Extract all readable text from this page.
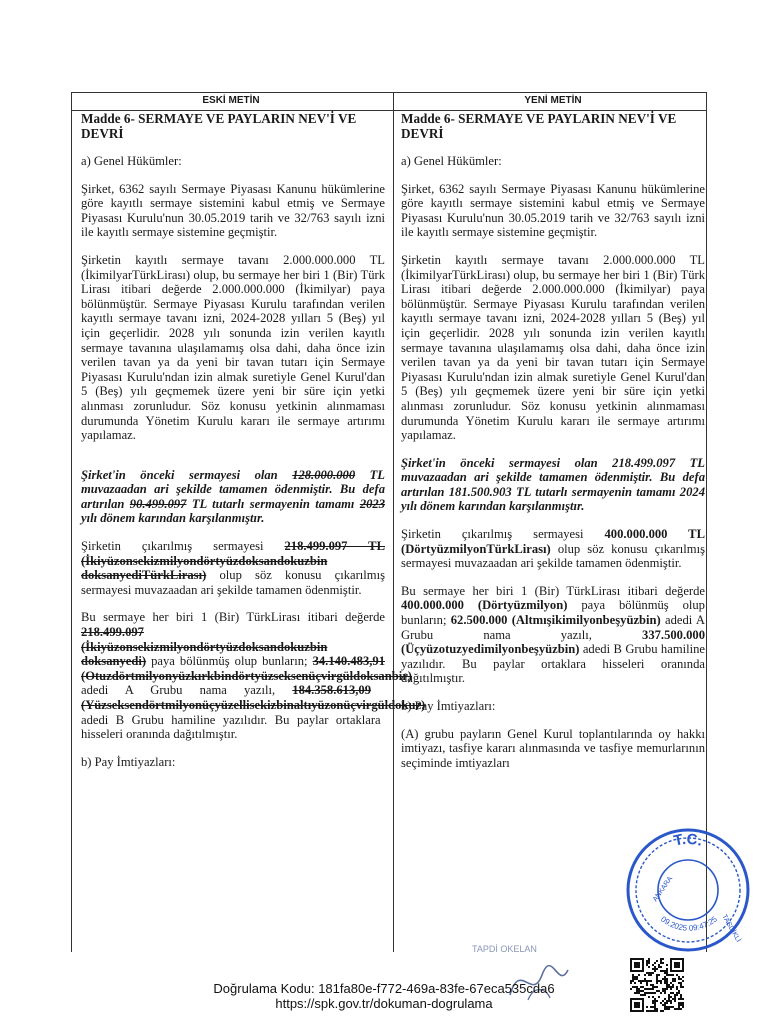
ESKİ METİN	YENİ METİN
Madde 6- SERMAYE VE PAYLARIN NEV'İ VE DEVRİ
a) Genel Hükümler:
Şirket, 6362 sayılı Sermaye Piyasası Kanunu hükümlerine göre kayıtlı sermaye sistemini kabul etmiş ve Sermaye Piyasası Kurulu'nun 30.05.2019 tarih ve 32/763 sayılı izni ile kayıtlı sermaye sistemine geçmiştir.
Şirketin kayıtlı sermaye tavanı 2.000.000.000 TL (İkimilyarTürkLirası) olup, bu sermaye her biri 1 (Bir) Türk Lirası itibari değerde 2.000.000.000 (İkimilyar) paya bölünmüştür. Sermaye Piyasası Kurulu tarafından verilen kayıtlı sermaye tavanı izni, 2024-2028 yılları 5 (Beş) yıl için geçerlidir. 2028 yılı sonunda izin verilen kayıtlı sermaye tavanına ulaşılamamış olsa dahi, daha önce izin verilen tavan ya da yeni bir tavan tutarı için Sermaye Piyasası Kurulu'ndan izin almak suretiyle Genel Kurul'dan 5 (Beş) yılı geçmemek üzere yeni bir süre için yetki alınması zorunludur. Söz konusu yetkinin alınmaması durumunda Yönetim Kurulu kararı ile sermaye artırımı yapılamaz.
Şirket'in önceki sermayesi olan 128.000.000 TL muvazaadan ari şekilde tamamen ödenmiştir. Bu defa artırılan 90.499.097 TL tutarlı sermayenin tamamı 2023 yılı dönem karından karşılanmıştır.
Şirketin çıkarılmış sermayesi 218.499.097 TL (İkiyüzonsekizmilyondörtyüzdoksandokuzbin doksanyediTürkLirası) olup söz konusu çıkarılmış sermayesi muvazaadan ari şekilde tamamen ödenmiştir.
Bu sermaye her biri 1 (Bir) TürkLirası itibari değerde 218.499.097 (İkiyüzonsekizmilyondörtyüzdoksandokuzbin doksanyedi) paya bölünmüş olup bunların; 34.140.483,91 (Otuzdörtmilyonyüzkırkbindörtyüzseksenüçvirgüldoksanbir) adedi A Grubu nama yazılı, 184.358.613,09 (Yüzseksendörtmilyonüçyüzellisekizbinaltıyüzonüçvirgüldokuz) adedi B Grubu hamiline yazılıdır. Bu paylar ortaklara hisseleri oranında dağıtılmıştır.
b) Pay İmtiyazları:
Madde 6- SERMAYE VE PAYLARIN NEV'İ VE DEVRİ
a) Genel Hükümler:
Şirket, 6362 sayılı Sermaye Piyasası Kanunu hükümlerine göre kayıtlı sermaye sistemini kabul etmiş ve Sermaye Piyasası Kurulu'nun 30.05.2019 tarih ve 32/763 sayılı izni ile kayıtlı sermaye sistemine geçmiştir.
Şirketin kayıtlı sermaye tavanı 2.000.000.000 TL (İkimilyarTürkLirası) olup, bu sermaye her biri 1 (Bir) Türk Lirası itibari değerde 2.000.000.000 (İkimilyar) paya bölünmüştür. Sermaye Piyasası Kurulu tarafından verilen kayıtlı sermaye tavanı izni, 2024-2028 yılları 5 (Beş) yıl için geçerlidir. 2028 yılı sonunda izin verilen kayıtlı sermaye tavanına ulaşılamamış olsa dahi, daha önce izin verilen tavan ya da yeni bir tavan tutarı için Sermaye Piyasası Kurulu'ndan izin almak suretiyle Genel Kurul'dan 5 (Beş) yılı geçmemek üzere yeni bir süre için yetki alınması zorunludur. Söz konusu yetkinin alınmaması durumunda Yönetim Kurulu kararı ile sermaye artırımı yapılamaz.
Şirket'in önceki sermayesi olan 218.499.097 TL muvazaadan ari şekilde tamamen ödenmiştir. Bu defa artırılan 181.500.903 TL tutarlı sermayenin tamamı 2024 yılı dönem karından karşılanmıştır.
Şirketin çıkarılmış sermayesi 400.000.000 TL (DörtyüzmilyonTürkLirası) olup söz konusu çıkarılmış sermayesi muvazaadan ari şekilde tamamen ödenmiştir.
Bu sermaye her biri 1 (Bir) TürkLirası itibari değerde 400.000.000 (Dörtyüzmilyon) paya bölünmüş olup bunların; 62.500.000 (Altmışikimilyonbeşyüzbin) adedi A Grubu nama yazılı, 337.500.000 (Üçyüzotuzyedimilyonbeşyüzbin) adedi B Grubu hamiline yazılıdır. Bu paylar ortaklara hisseleri oranında dağıtılmıştır.
b) Pay İmtiyazları:
(A) grubu payların Genel Kurul toplantılarında oy hakkı imtiyazı, tasfiye kararı alınmasında ve tasfiye memurlarının seçiminde imtiyazları
TAPDİ OKELAN
T.C.
ANKARA
TASDİKLİ
09.2025 09:47:25
Doğrulama Kodu: 181fa80e-f772-469a-83fe-67eca535cda6
https://spk.gov.tr/dokuman-dogrulama
